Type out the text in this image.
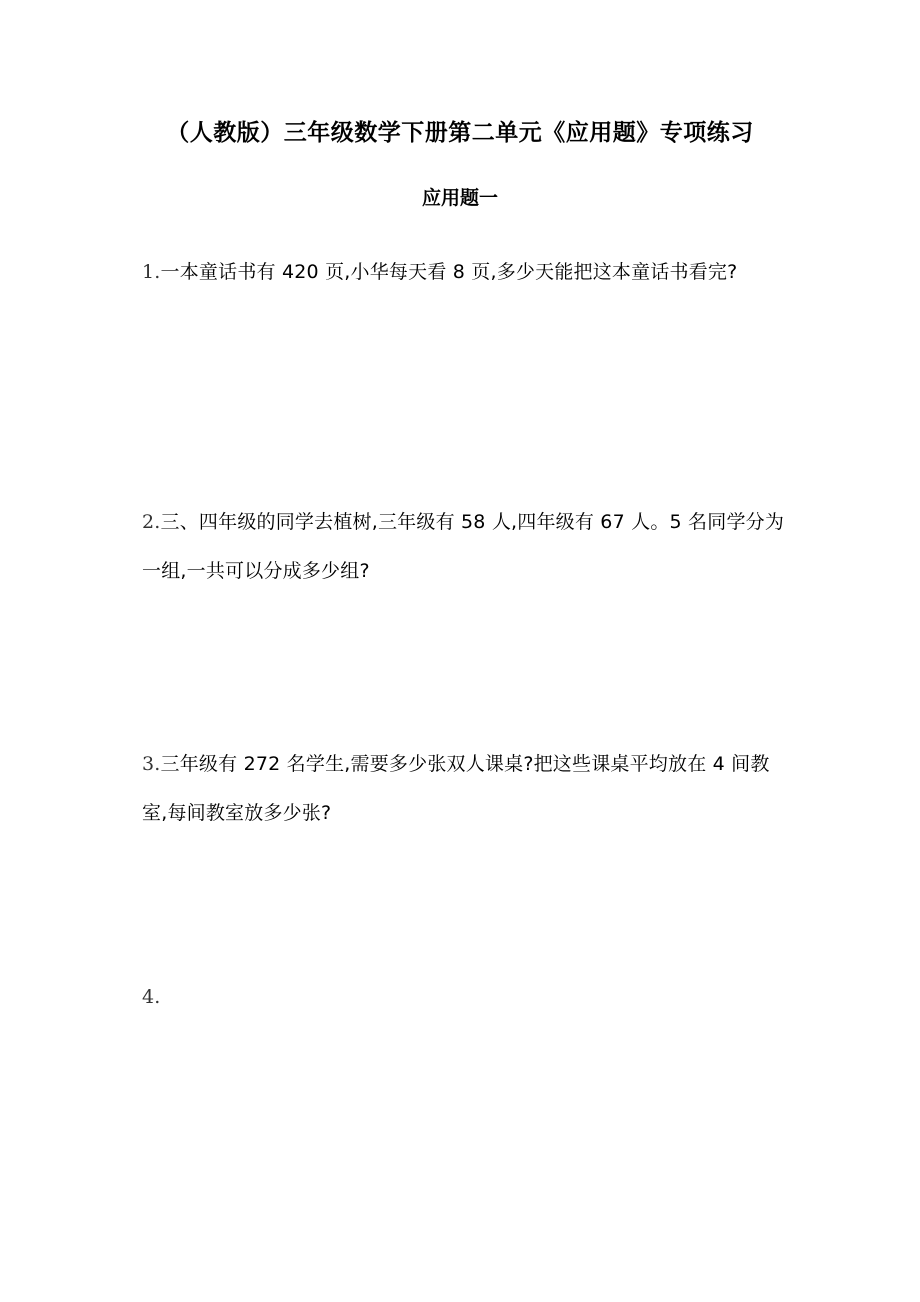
（人教版）三年级数学下册第二单元《应用题》专项练习
应用题一
1.一本童话书有 420 页,小华每天看 8 页,多少天能把这本童话书看完?
2.三、四年级的同学去植树,三年级有 58 人,四年级有 67 人。5 名同学分为一组,一共可以分成多少组?
3.三年级有 272 名学生,需要多少张双人课桌?把这些课桌平均放在 4 间教室,每间教室放多少张?
4.
